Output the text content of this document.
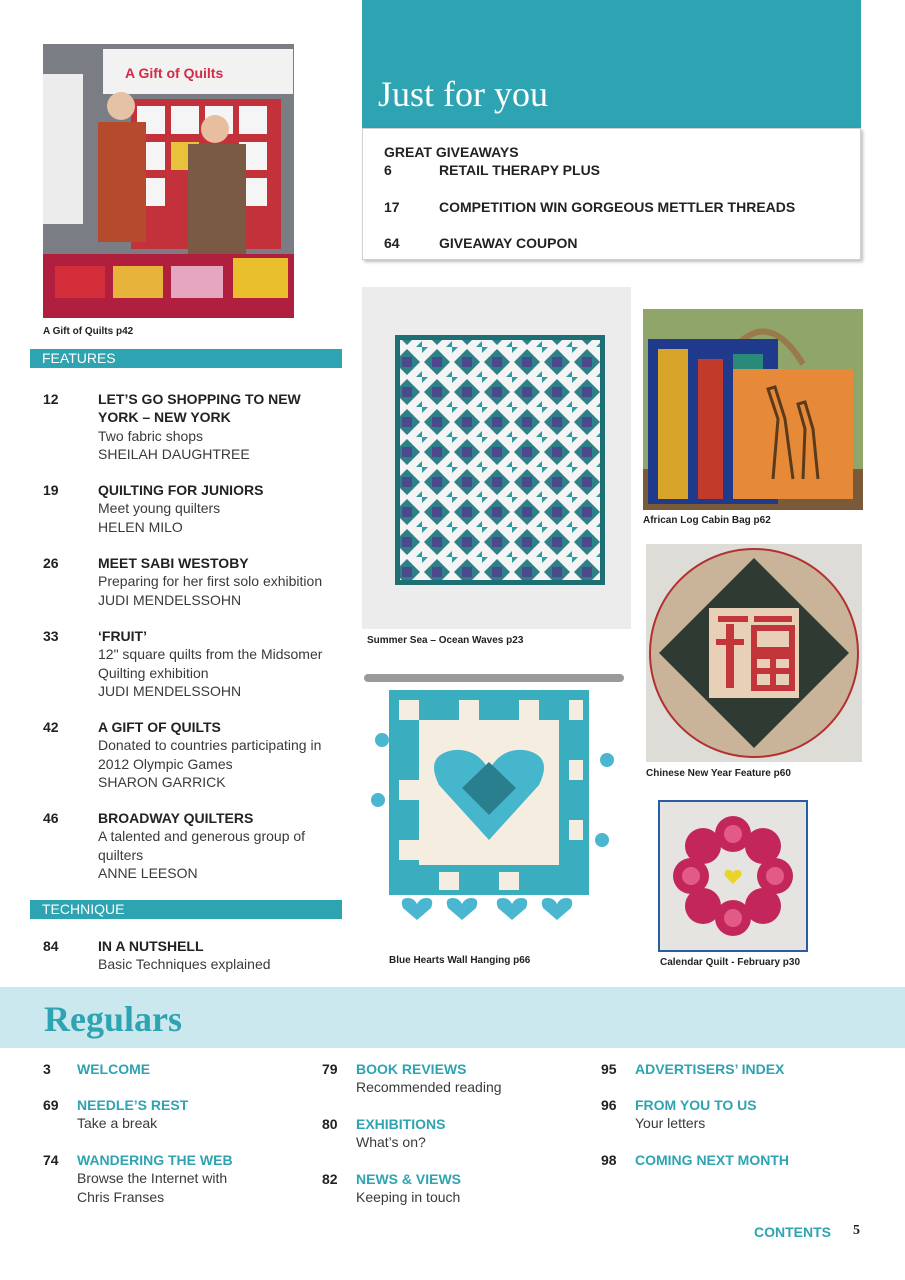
Just for you
GREAT GIVEAWAYS
6	RETAIL THERAPY PLUS
17	COMPETITION WIN GORGEOUS METTLER THREADS
64	GIVEAWAY COUPON
A Gift of Quilts
A Gift of Quilts p42
FEATURES
12	LET’S GO SHOPPING TO NEW YORK – NEW YORK
Two fabric shops
SHEILAH DAUGHTREE
19	QUILTING FOR JUNIORS
Meet young quilters
HELEN MILO
26	MEET SABI WESTOBY
Preparing for her first solo exhibition
JUDI MENDELSSOHN
33	‘FRUIT’
12" square quilts from the Midsomer Quilting exhibition
JUDI MENDELSSOHN
42	A GIFT OF QUILTS
Donated to countries participating in 2012 Olympic Games
SHARON GARRICK
46	BROADWAY QUILTERS
A talented and generous group of quilters
ANNE LEESON
TECHNIQUE
84	IN A NUTSHELL
Basic Techniques explained
Summer Sea – Ocean Waves p23
African Log Cabin Bag p62
Chinese New Year Feature p60
Blue Hearts Wall Hanging p66	Calendar Quilt - February p30
Regulars
3 WELCOME
69 NEEDLE’S REST
Take a break
74 WANDERING THE WEB
Browse the Internet with Chris Franses
79 BOOK REVIEWS
Recommended reading
80 EXHIBITIONS
What’s on?
82 NEWS & VIEWS
Keeping in touch
95 ADVERTISERS’ INDEX
96 FROM YOU TO US
Your letters
98 COMING NEXT MONTH
CONTENTS 5
